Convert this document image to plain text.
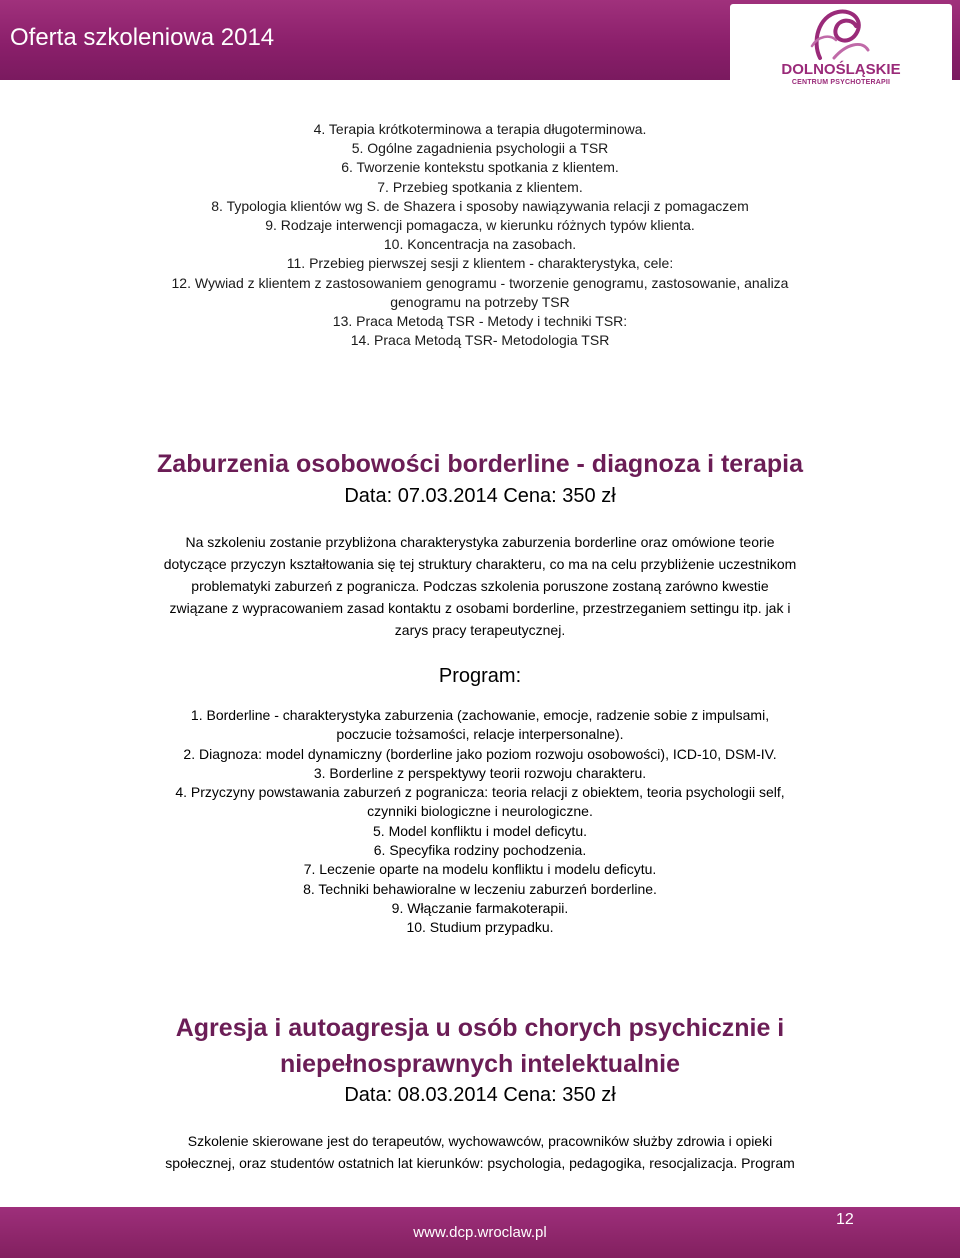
Oferta szkoleniowa 2014
DOLNOŚLĄSKIE
CENTRUM PSYCHOTERAPII
4. Terapia krótkoterminowa a terapia długoterminowa.
5. Ogólne zagadnienia psychologii a TSR
6. Tworzenie kontekstu spotkania z klientem.
7. Przebieg spotkania z klientem.
8. Typologia klientów wg S. de Shazera i sposoby nawiązywania relacji z pomagaczem
9. Rodzaje interwencji pomagacza, w kierunku różnych typów klienta.
10. Koncentracja na zasobach.
11. Przebieg pierwszej sesji z klientem - charakterystyka, cele:
12. Wywiad z klientem z zastosowaniem genogramu - tworzenie genogramu, zastosowanie, analiza
genogramu na potrzeby TSR
13. Praca Metodą TSR - Metody i techniki TSR:
14. Praca Metodą TSR- Metodologia TSR
Zaburzenia osobowości borderline - diagnoza i terapia
Data: 07.03.2014 Cena: 350 zł
Na szkoleniu zostanie przybliżona charakterystyka zaburzenia borderline oraz omówione teorie
dotyczące przyczyn kształtowania się tej struktury charakteru, co ma na celu przybliżenie uczestnikom
problematyki zaburzeń z pogranicza. Podczas szkolenia poruszone zostaną zarówno kwestie
związane z wypracowaniem zasad kontaktu z osobami borderline, przestrzeganiem settingu itp. jak i
zarys pracy terapeutycznej.
Program:
1. Borderline - charakterystyka zaburzenia (zachowanie, emocje, radzenie sobie z impulsami,
poczucie tożsamości, relacje interpersonalne).
2. Diagnoza: model dynamiczny (borderline jako poziom rozwoju osobowości), ICD-10, DSM-IV.
3. Borderline z perspektywy teorii rozwoju charakteru.
4. Przyczyny powstawania zaburzeń z pogranicza: teoria relacji z obiektem, teoria psychologii self,
czynniki biologiczne i neurologiczne.
5. Model konfliktu i model deficytu.
6. Specyfika rodziny pochodzenia.
7. Leczenie oparte na modelu konfliktu i modelu deficytu.
8. Techniki behawioralne w leczeniu zaburzeń borderline.
9. Włączanie farmakoterapii.
10. Studium przypadku.
Agresja i autoagresja u osób chorych psychicznie i
niepełnosprawnych intelektualnie
Data: 08.03.2014 Cena: 350 zł
Szkolenie skierowane jest do terapeutów, wychowawców, pracowników służby zdrowia i opieki
społecznej, oraz studentów ostatnich lat kierunków: psychologia, pedagogika, resocjalizacja. Program
www.dcp.wroclaw.pl
12
